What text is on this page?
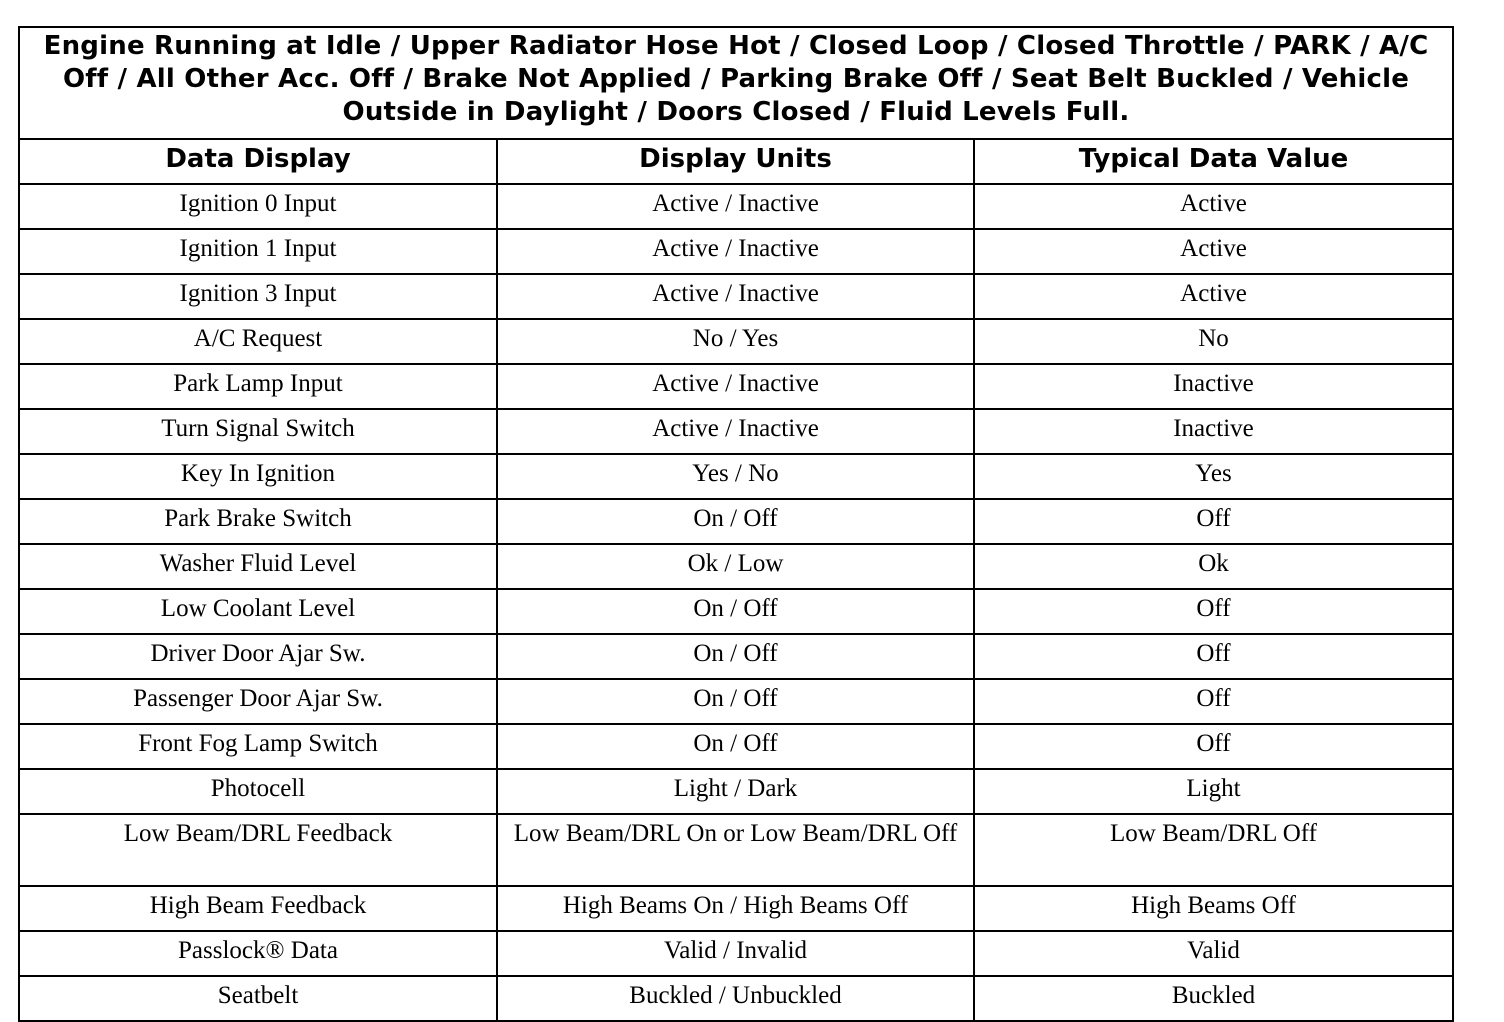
Engine Running at Idle / Upper Radiator Hose Hot / Closed Loop / Closed Throttle / PARK / A/C Off / All Other Acc. Off / Brake Not Applied / Parking Brake Off / Seat Belt Buckled / Vehicle Outside in Daylight / Doors Closed / Fluid Levels Full.		
Data Display	Display Units	Typical Data Value
Ignition 0 Input	Active / Inactive	Active
Ignition 1 Input	Active / Inactive	Active
Ignition 3 Input	Active / Inactive	Active
A/C Request	No / Yes	No
Park Lamp Input	Active / Inactive	Inactive
Turn Signal Switch	Active / Inactive	Inactive
Key In Ignition	Yes / No	Yes
Park Brake Switch	On / Off	Off
Washer Fluid Level	Ok / Low	Ok
Low Coolant Level	On / Off	Off
Driver Door Ajar Sw.	On / Off	Off
Passenger Door Ajar Sw.	On / Off	Off
Front Fog Lamp Switch	On / Off	Off
Photocell	Light / Dark	Light
Low Beam/DRL Feedback	Low Beam/DRL On or Low Beam/DRL Off	Low Beam/DRL Off
High Beam Feedback	High Beams On / High Beams Off	High Beams Off
Passlock® Data	Valid / Invalid	Valid
Seatbelt	Buckled / Unbuckled	Buckled
